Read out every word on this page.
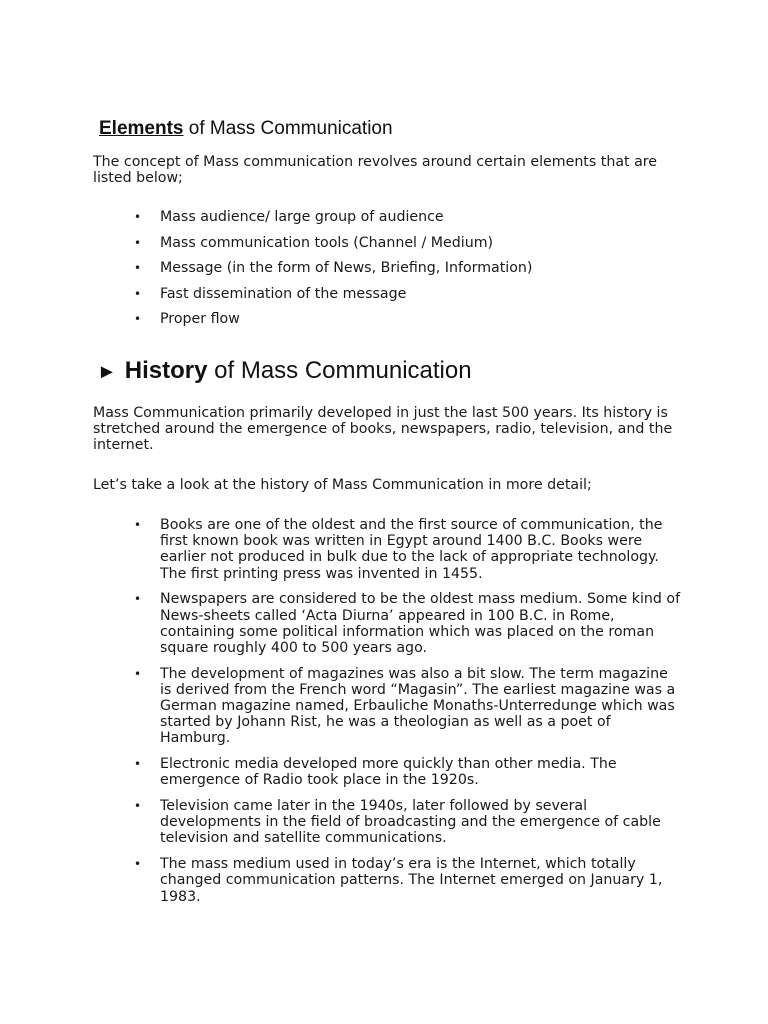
Elements of Mass Communication

The concept of Mass communication revolves around certain elements that are listed below;

• Mass audience/ large group of audience
• Mass communication tools (Channel / Medium)
• Message (in the form of News, Briefing, Information)
• Fast dissemination of the message
• Proper flow
► History of Mass Communication

Mass Communication primarily developed in just the last 500 years. Its history is stretched around the emergence of books, newspapers, radio, television, and the internet.

Let’s take a look at the history of Mass Communication in more detail;

• Books are one of the oldest and the first source of communication, the first known book was written in Egypt around 1400 B.C. Books were earlier not produced in bulk due to the lack of appropriate technology. The first printing press was invented in 1455.
• Newspapers are considered to be the oldest mass medium. Some kind of News-sheets called ‘Acta Diurna’ appeared in 100 B.C. in Rome, containing some political information which was placed on the roman square roughly 400 to 500 years ago.
• The development of magazines was also a bit slow. The term magazine is derived from the French word “Magasin”. The earliest magazine was a German magazine named, Erbauliche Monaths-Unterredunge which was started by Johann Rist, he was a theologian as well as a poet of Hamburg.
• Electronic media developed more quickly than other media. The emergence of Radio took place in the 1920s.
• Television came later in the 1940s, later followed by several developments in the field of broadcasting and the emergence of cable television and satellite communications.
• The mass medium used in today’s era is the Internet, which totally changed communication patterns. The Internet emerged on January 1, 1983.
